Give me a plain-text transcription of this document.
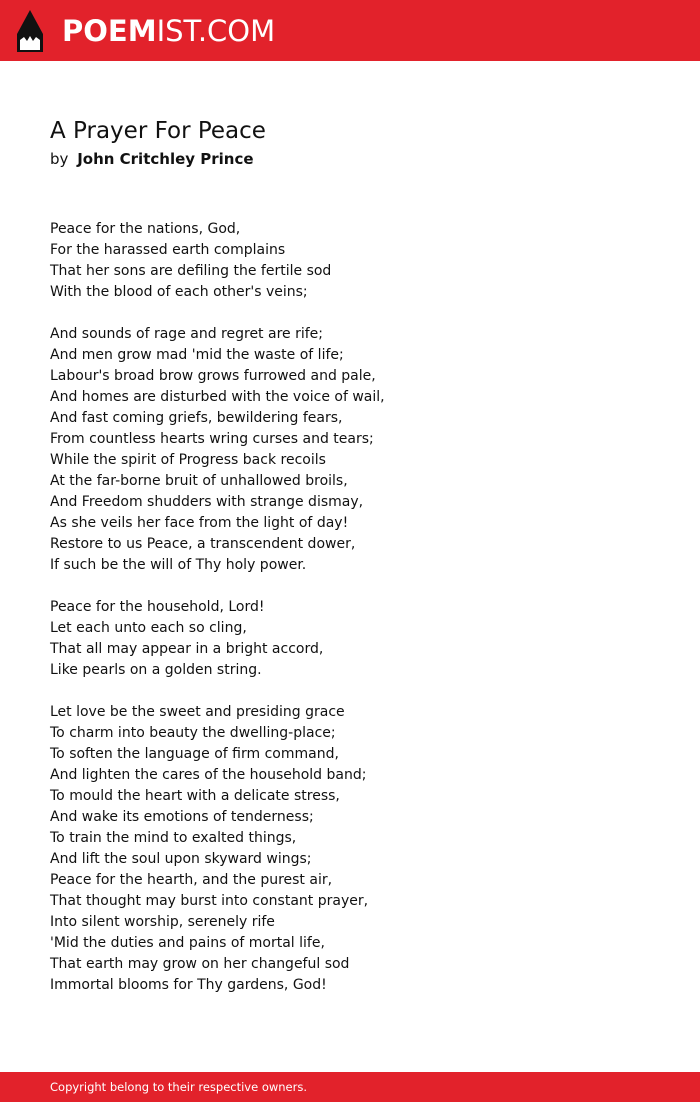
POEMIST.COM
A Prayer For Peace
by John Critchley Prince
Peace for the nations, God,
For the harassed earth complains
That her sons are defiling the fertile sod
With the blood of each other's veins;
And sounds of rage and regret are rife;
And men grow mad 'mid the waste of life;
Labour's broad brow grows furrowed and pale,
And homes are disturbed with the voice of wail,
And fast coming griefs, bewildering fears,
From countless hearts wring curses and tears;
While the spirit of Progress back recoils
At the far-borne bruit of unhallowed broils,
And Freedom shudders with strange dismay,
As she veils her face from the light of day!
Restore to us Peace, a transcendent dower,
If such be the will of Thy holy power.
Peace for the household, Lord!
Let each unto each so cling,
That all may appear in a bright accord,
Like pearls on a golden string.
Let love be the sweet and presiding grace
To charm into beauty the dwelling-place;
To soften the language of firm command,
And lighten the cares of the household band;
To mould the heart with a delicate stress,
And wake its emotions of tenderness;
To train the mind to exalted things,
And lift the soul upon skyward wings;
Peace for the hearth, and the purest air,
That thought may burst into constant prayer,
Into silent worship, serenely rife
'Mid the duties and pains of mortal life,
That earth may grow on her changeful sod
Immortal blooms for Thy gardens, God!
Copyright belong to their respective owners.
